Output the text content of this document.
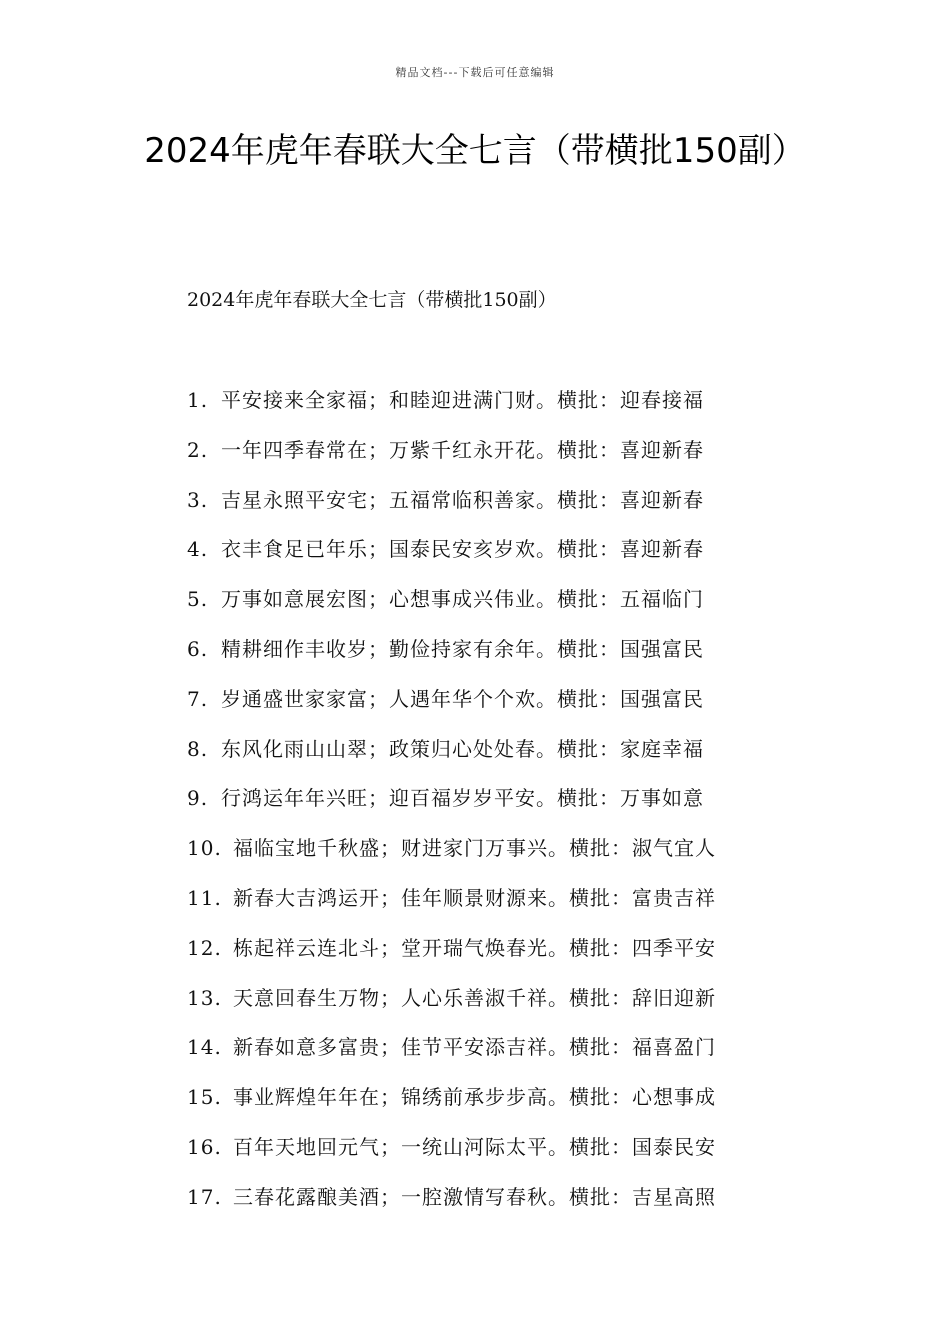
精品文档---下载后可任意编辑
2024年虎年春联大全七言（带横批150副）
2024年虎年春联大全七言（带横批150副）
1. 平安接来全家福；和睦迎进满门财。横批：迎春接福
2. 一年四季春常在；万紫千红永开花。横批：喜迎新春
3. 吉星永照平安宅；五福常临积善家。横批：喜迎新春
4. 衣丰食足已年乐；国泰民安亥岁欢。横批：喜迎新春
5. 万事如意展宏图；心想事成兴伟业。横批：五福临门
6. 精耕细作丰收岁；勤俭持家有余年。横批：国强富民
7. 岁通盛世家家富；人遇年华个个欢。横批：国强富民
8. 东风化雨山山翠；政策归心处处春。横批：家庭幸福
9. 行鸿运年年兴旺；迎百福岁岁平安。横批：万事如意
10. 福临宝地千秋盛；财进家门万事兴。横批：淑气宜人
11. 新春大吉鸿运开；佳年顺景财源来。横批：富贵吉祥
12. 栋起祥云连北斗；堂开瑞气焕春光。横批：四季平安
13. 天意回春生万物；人心乐善淑千祥。横批：辞旧迎新
14. 新春如意多富贵；佳节平安添吉祥。横批：福喜盈门
15. 事业辉煌年年在；锦绣前承步步高。横批：心想事成
16. 百年天地回元气；一统山河际太平。横批：国泰民安
17. 三春花露酿美酒；一腔激情写春秋。横批：吉星高照
